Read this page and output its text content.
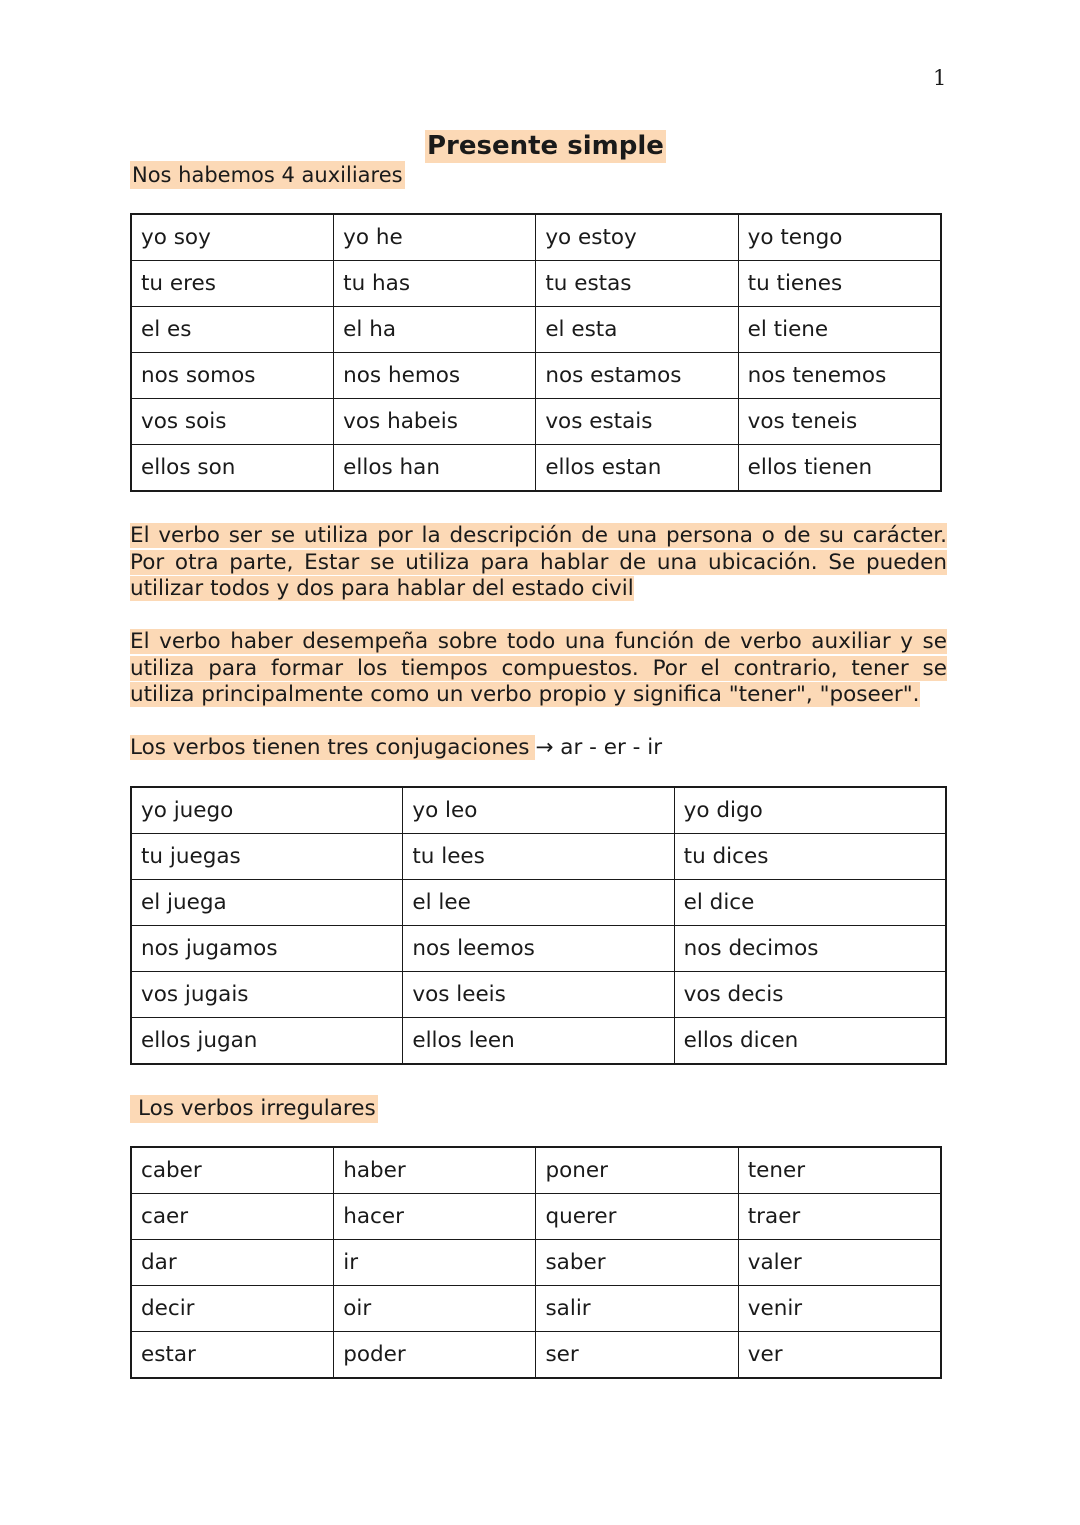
1
Presente simple
Nos habemos 4 auxiliares
yo soy	yo he	yo estoy	yo tengo
tu eres	tu has	tu estas	tu tienes
el es	el ha	el esta	el tiene
nos somos	nos hemos	nos estamos	nos tenemos
vos sois	vos habeis	vos estais	vos teneis
ellos son	ellos han	ellos estan	ellos tienen

El verbo ser se utiliza por la descripción de una persona o de su carácter. Por otra parte, Estar se utiliza para hablar de una ubicación. Se pueden utilizar todos y dos para hablar del estado civil

El verbo haber desempeña sobre todo una función de verbo auxiliar y se utiliza para formar los tiempos compuestos. Por el contrario, tener se utiliza principalmente como un verbo propio y significa "tener", "poseer".

Los verbos tienen tres conjugaciones → ar - er - ir
yo juego	yo leo	yo digo
tu juegas	tu lees	tu dices
el juega	el lee	el dice
nos jugamos	nos leemos	nos decimos
vos jugais	vos leeis	vos decis
ellos jugan	ellos leen	ellos dicen
Los verbos irregulares
caber	haber	poner	tener
caer	hacer	querer	traer
dar	ir	saber	valer
decir	oir	salir	venir
estar	poder	ser	ver
